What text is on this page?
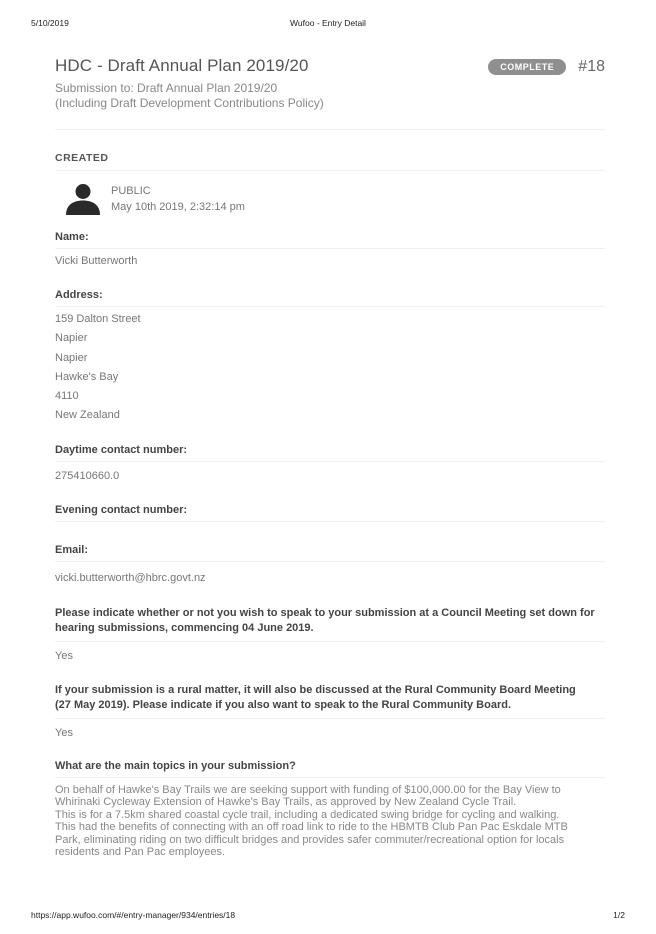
5/10/2019	Wufoo - Entry Detail
HDC - Draft Annual Plan 2019/20
Submission to: Draft Annual Plan 2019/20
(Including Draft Development Contributions Policy)
COMPLETE	#18
CREATED
PUBLIC
May 10th 2019, 2:32:14 pm
Name:
Vicki Butterworth
Address:
159 Dalton Street
Napier
Napier
Hawke's Bay
4110
New Zealand
Daytime contact number:
275410660.0
Evening contact number:
Email:
vicki.butterworth@hbrc.govt.nz
Please indicate whether or not you wish to speak to your submission at a Council Meeting set down for
hearing submissions, commencing 04 June 2019.
Yes
If your submission is a rural matter, it will also be discussed at the Rural Community Board Meeting
(27 May 2019). Please indicate if you also want to speak to the Rural Community Board.
Yes
What are the main topics in your submission?
On behalf of Hawke's Bay Trails we are seeking support with funding of $100,000.00 for the Bay View to
Whirinaki Cycleway Extension of Hawke's Bay Trails, as approved by New Zealand Cycle Trail.
This is for a 7.5km shared coastal cycle trail, including a dedicated swing bridge for cycling and walking.
This had the benefits of connecting with an off road link to ride to the HBMTB Club Pan Pac Eskdale MTB
Park, eliminating riding on two difficult bridges and provides safer commuter/recreational option for locals
residents and Pan Pac employees.
https://app.wufoo.com/#/entry-manager/934/entries/18	1/2
